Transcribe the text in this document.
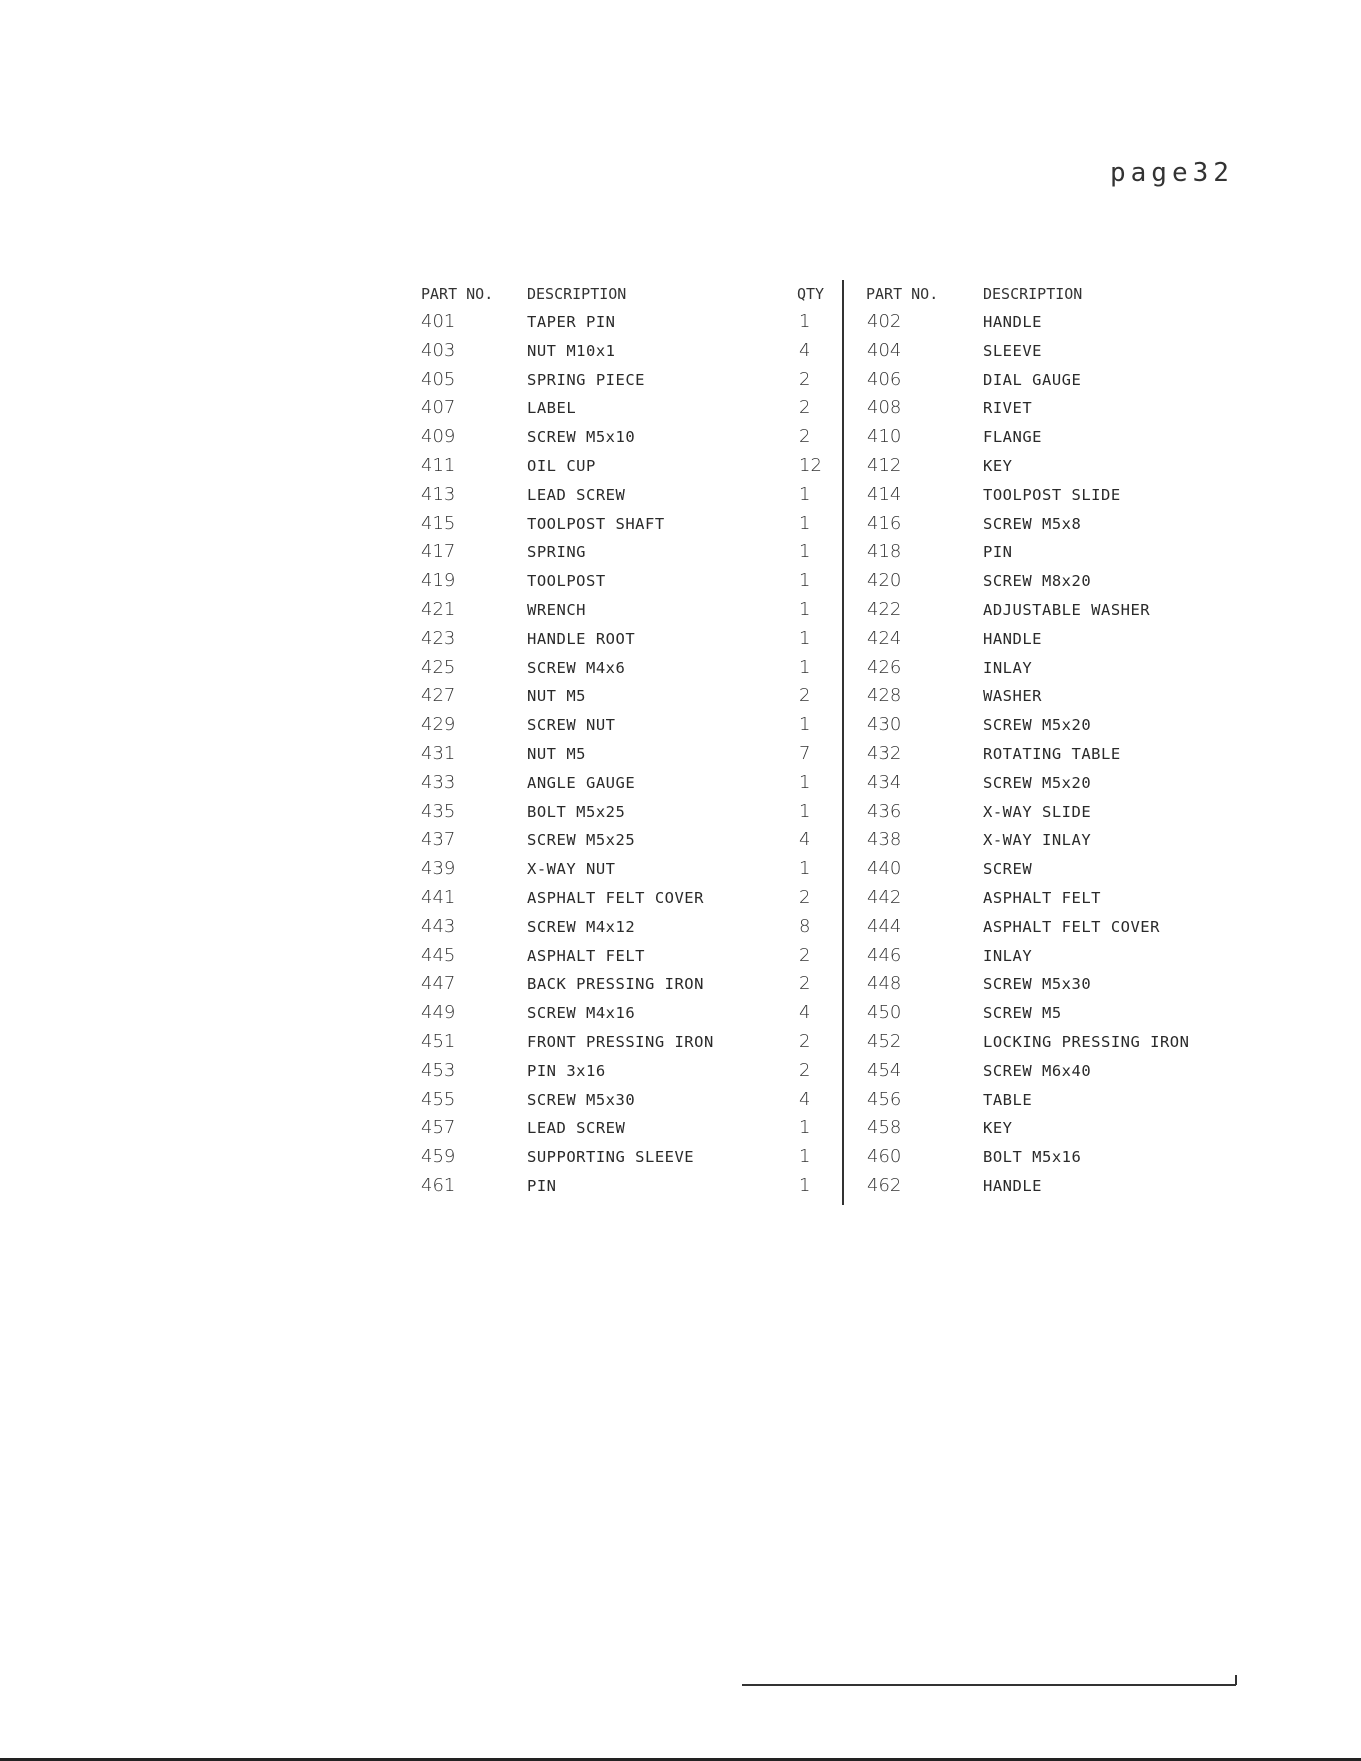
page32
PART NO. DESCRIPTION	QTY	PART NO.	DESCRIPTION
401	TAPER PIN	1	402	HANDLE
403	NUT M10x1	4	404	SLEEVE
405	SPRING PIECE	2	406	DIAL GAUGE
407	LABEL	2	408	RIVET
409	SCREW M5x10	2	410	FLANGE
411	OIL CUP	12	412	KEY
413	LEAD SCREW	1	414	TOOLPOST SLIDE
415	TOOLPOST SHAFT	1	416	SCREW M5x8
417	SPRING	1	418	PIN
419	TOOLPOST	1	420	SCREW M8x20
421	WRENCH	1	422	ADJUSTABLE WASHER
423	HANDLE ROOT	1	424	HANDLE
425	SCREW M4x6	1	426	INLAY
427	NUT M5	2	428	WASHER
429	SCREW NUT	1	430	SCREW M5x20
431	NUT M5	7	432	ROTATING TABLE
433	ANGLE GAUGE	1	434	SCREW M5x20
435	BOLT M5x25	1	436	X-WAY SLIDE
437	SCREW M5x25	4	438	X-WAY INLAY
439	X-WAY NUT	1	440	SCREW
441	ASPHALT FELT COVER	2	442	ASPHALT FELT
443	SCREW M4x12	8	444	ASPHALT FELT COVER
445	ASPHALT FELT	2	446	INLAY
447	BACK PRESSING IRON	2	448	SCREW M5x30
449	SCREW M4x16	4	450	SCREW M5
451	FRONT PRESSING IRON	2	452	LOCKING PRESSING IRON
453	PIN 3x16	2	454	SCREW M6x40
455	SCREW M5x30	4	456	TABLE
457	LEAD SCREW	1	458	KEY
459	SUPPORTING SLEEVE	1	460	BOLT M5x16
461	PIN	1	462	HANDLE
